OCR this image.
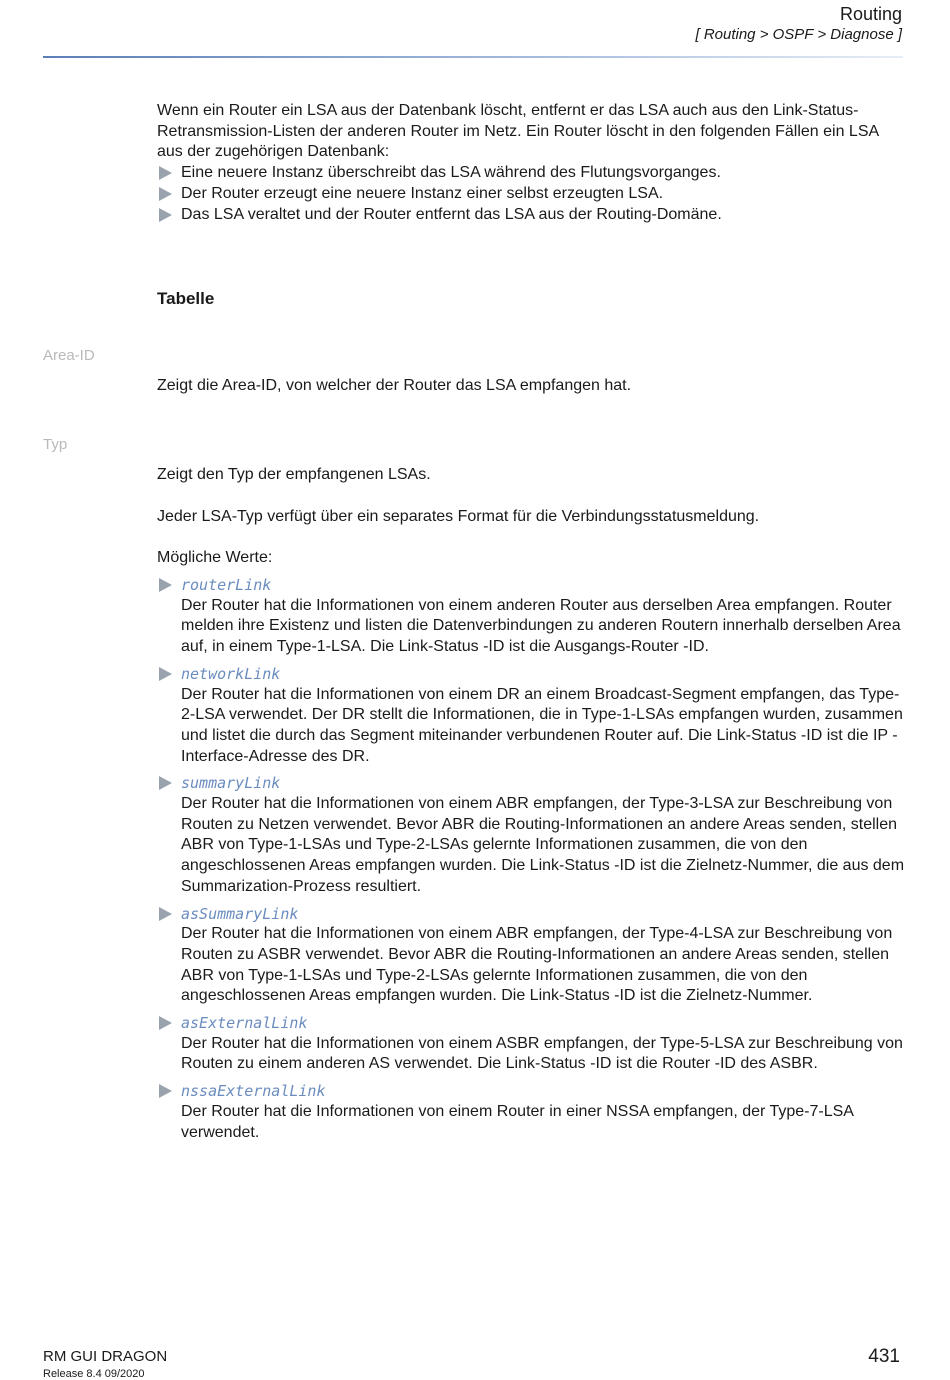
Routing
[ Routing > OSPF > Diagnose ]

Wenn ein Router ein LSA aus der Datenbank löscht, entfernt er das LSA auch aus den Link-Status-Retransmission-Listen der anderen Router im Netz. Ein Router löscht in den folgenden Fällen ein LSA aus der zugehörigen Datenbank:

Eine neuere Instanz überschreibt das LSA während des Flutungsvorganges.
Der Router erzeugt eine neuere Instanz einer selbst erzeugten LSA.
Das LSA veraltet und der Router entfernt das LSA aus der Routing-Domäne.
Tabelle
Area-ID

Zeigt die Area-ID, von welcher der Router das LSA empfangen hat.

Typ

Zeigt den Typ der empfangenen LSAs.

Jeder LSA-Typ verfügt über ein separates Format für die Verbindungsstatusmeldung.

Mögliche Werte:

routerLink
Der Router hat die Informationen von einem anderen Router aus derselben Area empfangen. Router melden ihre Existenz und listen die Datenverbindungen zu anderen Routern innerhalb derselben Area auf, in einem Type-1-LSA. Die Link-Status -ID ist die Ausgangs-Router -ID.
networkLink
Der Router hat die Informationen von einem DR an einem Broadcast-Segment empfangen, das Type-2-LSA verwendet. Der DR stellt die Informationen, die in Type-1-LSAs empfangen wurden, zusammen und listet die durch das Segment miteinander verbundenen Router auf. Die Link-Status -ID ist die IP -Interface-Adresse des DR.
summaryLink
Der Router hat die Informationen von einem ABR empfangen, der Type-3-LSA zur Beschreibung von Routen zu Netzen verwendet. Bevor ABR die Routing-Informationen an andere Areas senden, stellen ABR von Type-1-LSAs und Type-2-LSAs gelernte Informationen zusammen, die von den angeschlossenen Areas empfangen wurden. Die Link-Status -ID ist die Zielnetz-Nummer, die aus dem Summarization-Prozess resultiert.
asSummaryLink
Der Router hat die Informationen von einem ABR empfangen, der Type-4-LSA zur Beschreibung von Routen zu ASBR verwendet. Bevor ABR die Routing-Informationen an andere Areas senden, stellen ABR von Type-1-LSAs und Type-2-LSAs gelernte Informationen zusammen, die von den angeschlossenen Areas empfangen wurden. Die Link-Status -ID ist die Zielnetz-Nummer.
asExternalLink
Der Router hat die Informationen von einem ASBR empfangen, der Type-5-LSA zur Beschreibung von Routen zu einem anderen AS verwendet. Die Link-Status -ID ist die Router -ID des ASBR.
nssaExternalLink
Der Router hat die Informationen von einem Router in einer NSSA empfangen, der Type-7-LSA verwendet.
RM GUI DRAGON
Release 8.4 09/2020
431
